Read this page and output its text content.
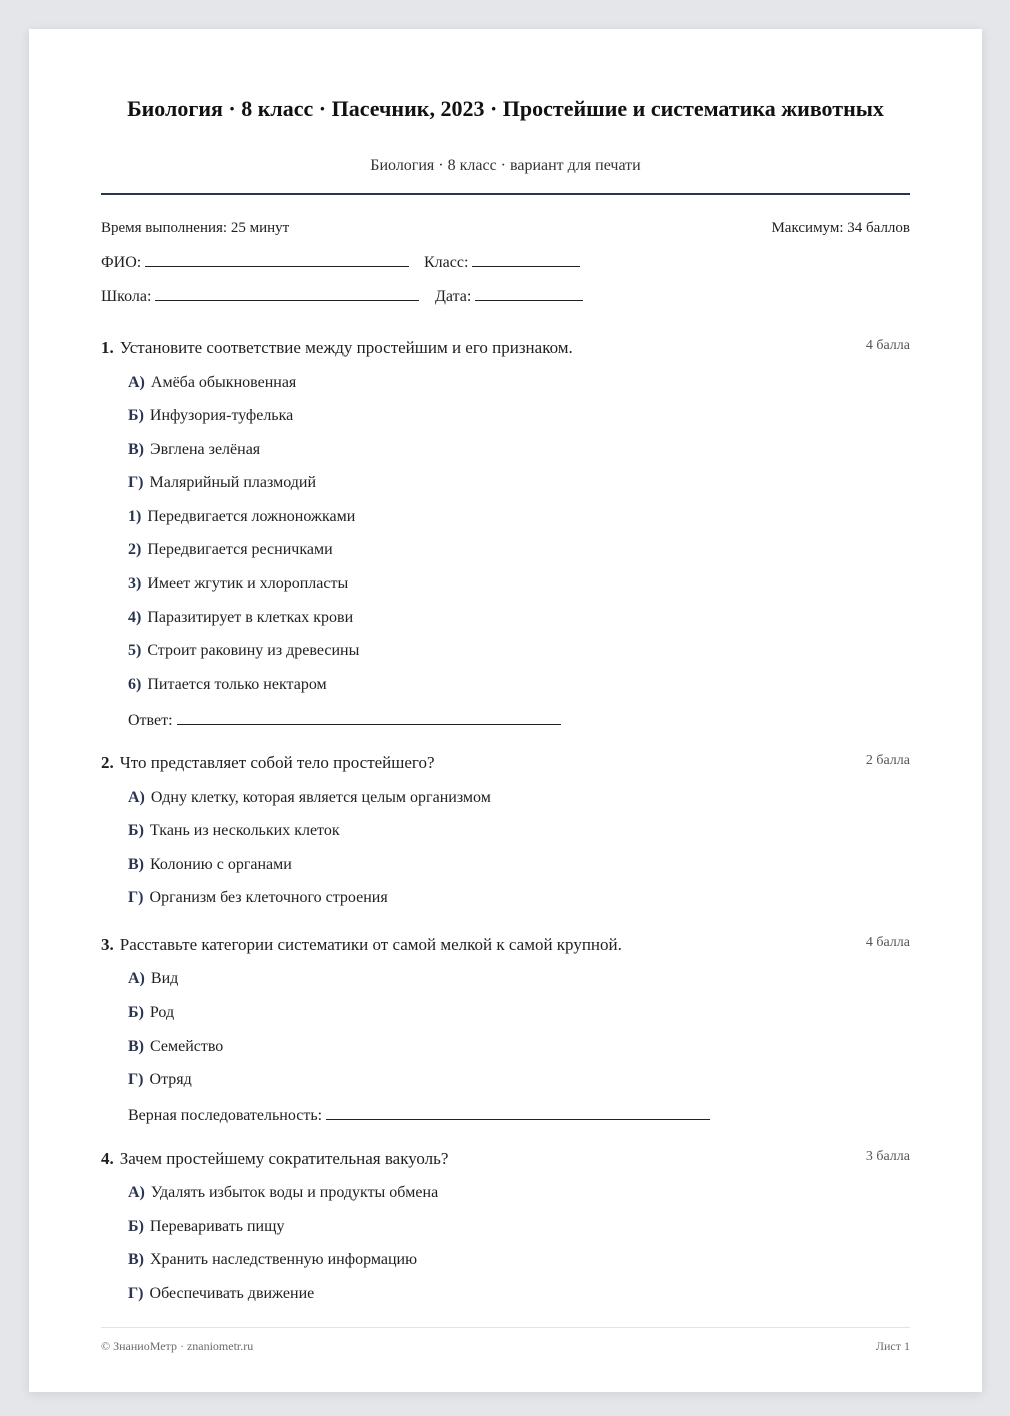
Биология · 8 класс · Пасечник, 2023 · Простейшие и систематика животных
Биология · 8 класс · вариант для печати
Время выполнения: 25 минут	Максимум: 34 баллов
ФИО:	Класс:
Школа:	Дата:
1. Установите соответствие между простейшим и его признаком.	4 балла
А) Амёба обыкновенная
Б) Инфузория-туфелька
В) Эвглена зелёная
Г) Малярийный плазмодий
1) Передвигается ложноножками
2) Передвигается ресничками
3) Имеет жгутик и хлоропласты
4) Паразитирует в клетках крови
5) Строит раковину из древесины
6) Питается только нектаром
Ответ:
2. Что представляет собой тело простейшего?	2 балла
А) Одну клетку, которая является целым организмом
Б) Ткань из нескольких клеток
В) Колонию с органами
Г) Организм без клеточного строения
3. Расставьте категории систематики от самой мелкой к самой крупной.	4 балла
А) Вид
Б) Род
В) Семейство
Г) Отряд
Верная последовательность:
4. Зачем простейшему сократительная вакуоль?	3 балла
А) Удалять избыток воды и продукты обмена
Б) Переваривать пищу
В) Хранить наследственную информацию
Г) Обеспечивать движение
© ЗнаниоМетр · znaniometr.ru	Лист 1
